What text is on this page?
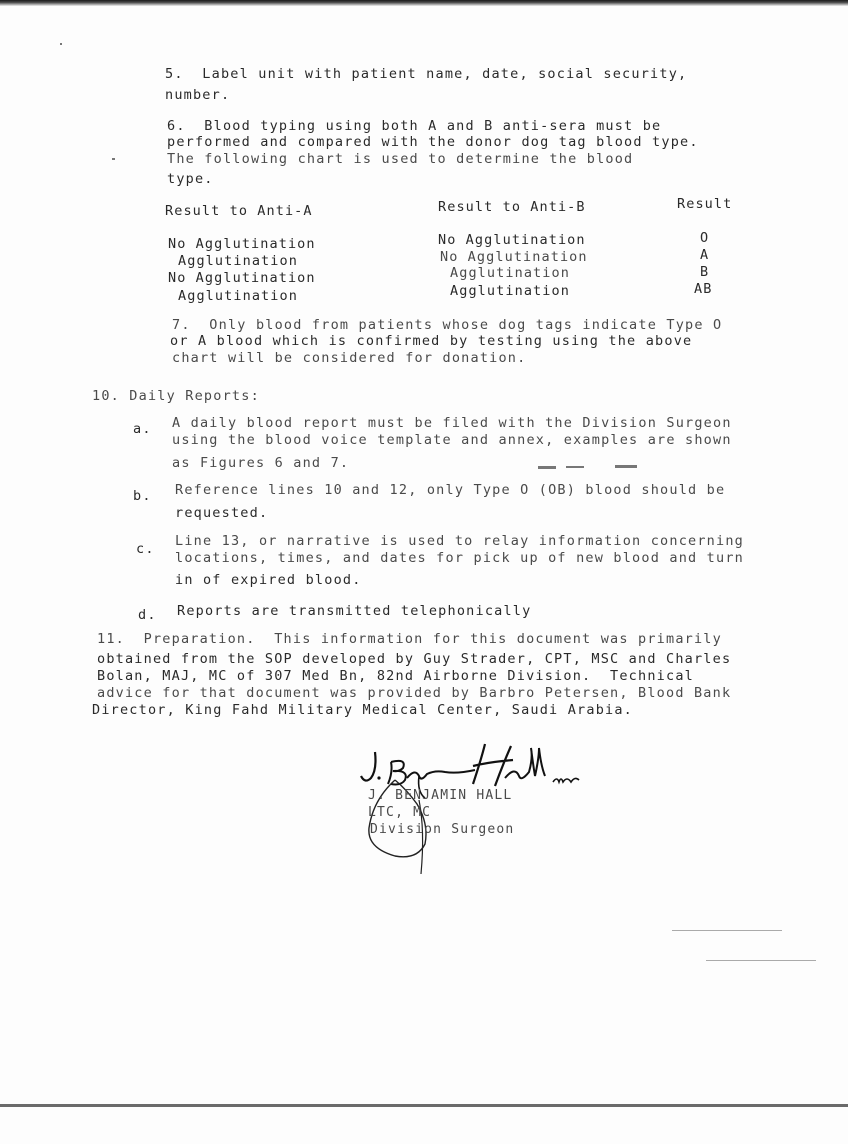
5.  Label unit with patient name, date, social security,
number.
6.  Blood typing using both A and B anti-sera must be
performed and compared with the donor dog tag blood type.
The following chart is used to determine the blood
type.
Result to Anti-A	Result to Anti-B	Result
No Agglutination	No Agglutination	O
Agglutination	No Agglutination	A
No Agglutination	Agglutination	B
Agglutination	Agglutination	AB
7.  Only blood from patients whose dog tags indicate Type O
or A blood which is confirmed by testing using the above
chart will be considered for donation.
10. Daily Reports:
a. A daily blood report must be filed with the Division Surgeon
using the blood voice template and annex, examples are shown
as Figures 6 and 7.
b. Reference lines 10 and 12, only Type O (OB) blood should be
requested.
c. Line 13, or narrative is used to relay information concerning
locations, times, and dates for pick up of new blood and turn
in of expired blood.
d. Reports are transmitted telephonically
11.  Preparation.  This information for this document was primarily
obtained from the SOP developed by Guy Strader, CPT, MSC and Charles
Bolan, MAJ, MC of 307 Med Bn, 82nd Airborne Division.  Technical
advice for that document was provided by Barbro Petersen, Blood Bank
Director, King Fahd Military Medical Center, Saudi Arabia.
J. BENJAMIN HALL
LTC, MC
Division Surgeon
